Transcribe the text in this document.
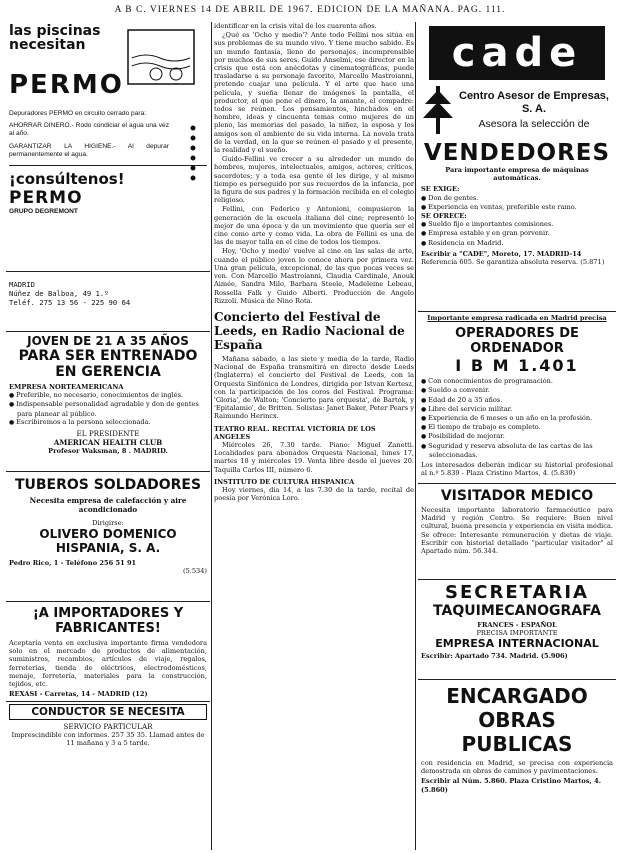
A B C. VIERNES 14 DE ABRIL DE 1967. EDICION DE LA MAÑANA. PAG. 111.
las piscinas necesitan
PERMO
Depuradores PERMO en circuito cerrado para:
AHORRAR DINERO.- Rodo condiciar el agua una vez al año.
GARANTIZAR LA HIGIENE.- Al depurar permanentemente el agua.
¡consúltenos!
PERMO
GRUPO DEGREMONT
MADRID
Núñez de Balboa, 49 1.º
Teléf. 275 13 56 - 225 90 64
JOVEN DE 21 A 35 AÑOS
PARA SER ENTRENADO
EN GERENCIA
EMPRESA NORTEAMERICANA
● Preferible, no necesario, conocimientos de inglés.
● Indispensable personalidad agradable y don de gentes para planear al público.
● Escribiremos a la persona seleccionada.
EL PRESIDENTE
AMERICAN HEALTH CLUB
Profesor Waksman, 8 . MADRID.
TUBEROS SOLDADORES
Necesita empresa de calefacción y aire acondicionado
Dirigirse:
OLIVERO DOMENICO HISPANIA, S. A.
Pedro Rico, 1 - Teléfono 256 51 91
(5.534)
¡A IMPORTADORES Y FABRICANTES!
Aceptaría venta en exclusiva importante firma vendedora solo en el mercado de productos de alimentación, suministros, recambios, artículos de viaje, regalos, ferreterías, tienda de eléctricos, electrodomésticos, menaje, ferretería, materiales para la construcción, tejidos, etc.
REXASI - Carretas, 14 - MADRID (12)
CONDUCTOR SE NECESITA
SERVICIO PARTICULAR
Imprescindible con informes. 257 35 35. Llamad antes de 11 mañana y 3 a 5 tarde.
identificar en la crisis vital de los cuarenta años.
¿Qué es 'Ocho y medio'? Ante todo Fellini nos sitúa en sus problemas de su mundo vivo. Y tiene mucho sabido. Es un mundo fantasía, lleno de personajes, incomprensible por muchos de sus seres. Guido Anselmi, ese director en la crisis que está con anécdotas y cinematográficas, puede trasladarse a su personaje favorito, Marcello Mastroianni, pretende cuajar una película. Y el arte que hace una película, y sueña llenar de imágenes la pantalla, el productor, el que pone el dinero, la amante, el compadre: todos se reúnen. Los pensamientos, hinchados en el hombre, ideas y cincuenta temas como mujeres de un pleno, las memorias del pasado, la niñez, la esposa y los amigos son el ambiente de su vida interna. La novela trata de la verdad, en la que se reúnen el pasado y el presente, la realidad y el sueño.
Guido-Fellini ve crecer a su alrededor un mundo de hombres, mujeres, intelectuales, amigos, actores, críticos, sacerdotes; y a toda esa gente él les dirige, y al mismo tiempo es perseguido por sus recuerdos de la infancia, por la figura de sus padres y la formación recibida en el colegio religioso.
Fellini, con Federico y Antonioni, compusieron la generación de la escuela italiana del cine; representó lo mejor de una época y de un movimiento que quería ser el cine como arte y como vida. La obra de Fellini es una de las de mayor talla en el cine de todos los tiempos.
Hoy, 'Ocho y medio' vuelve al cine en las salas de arte, cuando el público joven lo conoce ahora por primera vez. Una gran película, excepcional, de las que pocas veces se ven. Con Marcello Mastroianni, Claudia Cardinale, Anouk Aimée, Sandra Milo, Barbara Steele, Madeleine Lebeau, Rossella Falk y Guido Alberti. Producción de Angelo Rizzoli. Música de Nino Rota.
Concierto del Festival de Leeds, en Radio Nacional de España
Mañana sábado, a las siete y media de la tarde, Radio Nacional de España transmitirá en directo desde Leeds (Inglaterra) el concierto del Festival de Leeds, con la Orquesta Sinfónica de Londres, dirigida por Istvan Kertesz, con la participación de los coros del Festival. Programa: 'Gloria', de Walton; 'Concierto para orquesta', de Bartók, y 'Epitalamio', de Britten. Solistas: Janet Baker, Peter Pears y Raimundo Herincx.
TEATRO REAL. RECITAL VICTORIA DE LOS ANGELES
Miércoles 26, 7.30 tarde. Piano: Miguel Zanetti. Localidades para abonados Orquesta Nacional, lunes 17, martes 18 y miércoles 19. Venta libre desde el jueves 20. Taquilla Carlos III, número 6.
INSTITUTO DE CULTURA HISPANICA
Hoy viernes, día 14, a las 7.30 de la tarde, recital de poesía por Verónica Loro.
cade
Centro Asesor de Empresas, S. A.
Asesora la selección de
VENDEDORES
Para importante empresa de máquinas automáticas.
SE EXIGE:
● Don de gentes.
● Experiencia en ventas, preferible este ramo.
SE OFRECE:
● Sueldo fijo e importantes comisiones.
● Empresa estable y en gran porvenir.
● Residencia en Madrid.
Escribir a "CADE", Moreto, 17. MADRID-14
Referencia 605. Se garantiza absoluta reserva. (5.871)
Importante empresa radicada en Madrid precisa
OPERADORES DE ORDENADOR
I B M 1.401
● Con conocimientos de programación.
● Sueldo a convenir.
● Edad de 20 a 35 años.
● Libre del servicio militar.
● Experiencia de 6 meses o un año en la profesión.
● El tiempo de trabajo es completo.
● Posibilidad de mejorar.
● Seguridad y reserva absoluta de las cartas de las seleccionadas.
Los interesados deberán indicar su historial profesional al n.º 5.839 - Plaza Cristino Martos, 4. (5.839)
VISITADOR MEDICO
Necesita importante laboratorio farmacéutico para Madrid y región Centro. Se requiere: Buen nivel cultural, buena presencia y experiencia en visita médica. Se ofrece: Interesante remuneración y dietas de viaje. Escribir con historial detallado "particular visitador" al Apartado núm. 56.344.
SECRETARIA
TAQUIMECANOGRAFA
FRANCES - ESPAÑOL
PRECISA IMPORTANTE
EMPRESA INTERNACIONAL
Escribir: Apartado 734. Madrid. (5.906)
ENCARGADO
OBRAS PUBLICAS
con residencia en Madrid, se precisa con experiencia demostrada en obras de caminos y pavimentaciones.
Escribir al Núm. 5.860. Plaza Cristino Martos, 4. (5.860)
